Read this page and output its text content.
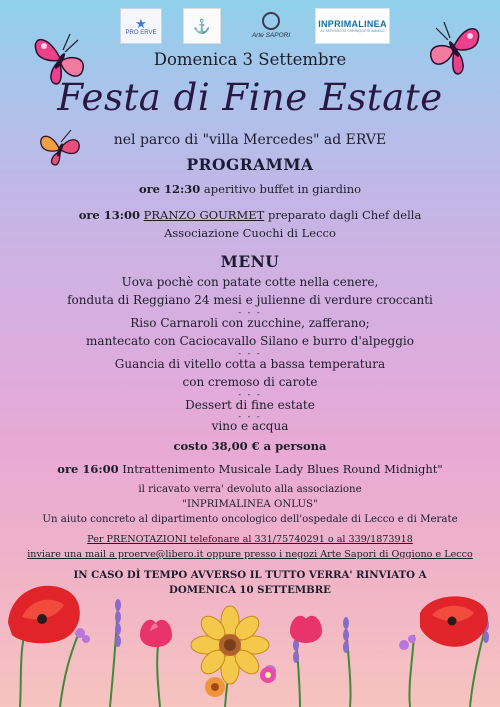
★
PRO ERVE	⚓
Arte SAPORI
INPRIMALINEA
AL SERVIZIO DI CHIUNQUE SI AMMALI
Domenica 3 Settembre
Festa di Fine Estate
nel parco di "villa Mercedes" ad ERVE
PROGRAMMA
ore 12:30 aperitivo buffet in giardino
ore 13:00 PRANZO GOURMET preparato dagli Chef della
Associazione Cuochi di Lecco
MENU
Uova pochè con patate cotte nella cenere,
fonduta di Reggiano 24 mesi e julienne di verdure croccanti
- - -
Riso Carnaroli con zucchine, zafferano;
mantecato con Caciocavallo Silano e burro d'alpeggio
- - -
Guancia di vitello cotta a bassa temperatura
con cremoso di carote
- - -
Dessert di fine estate
- - -
vino e acqua
costo 38,00 € a persona
ore 16:00 Intrattenimento Musicale Lady Blues Round Midnight"
il ricavato verra' devoluto alla associazione
"INPRIMALINEA ONLUS"
Un aiuto concreto al dipartimento oncologico dell'ospedale di Lecco e di Merate
Per PRENOTAZIONI telefonare al 331/75740291 o al 339/1873918
inviare una mail a proerve@libero.it oppure presso i negozi Arte Sapori di Oggiono e Lecco
IN CASO DÌ TEMPO AVVERSO IL TUTTO VERRA' RINVIATO A
DOMENICA 10 SETTEMBRE
